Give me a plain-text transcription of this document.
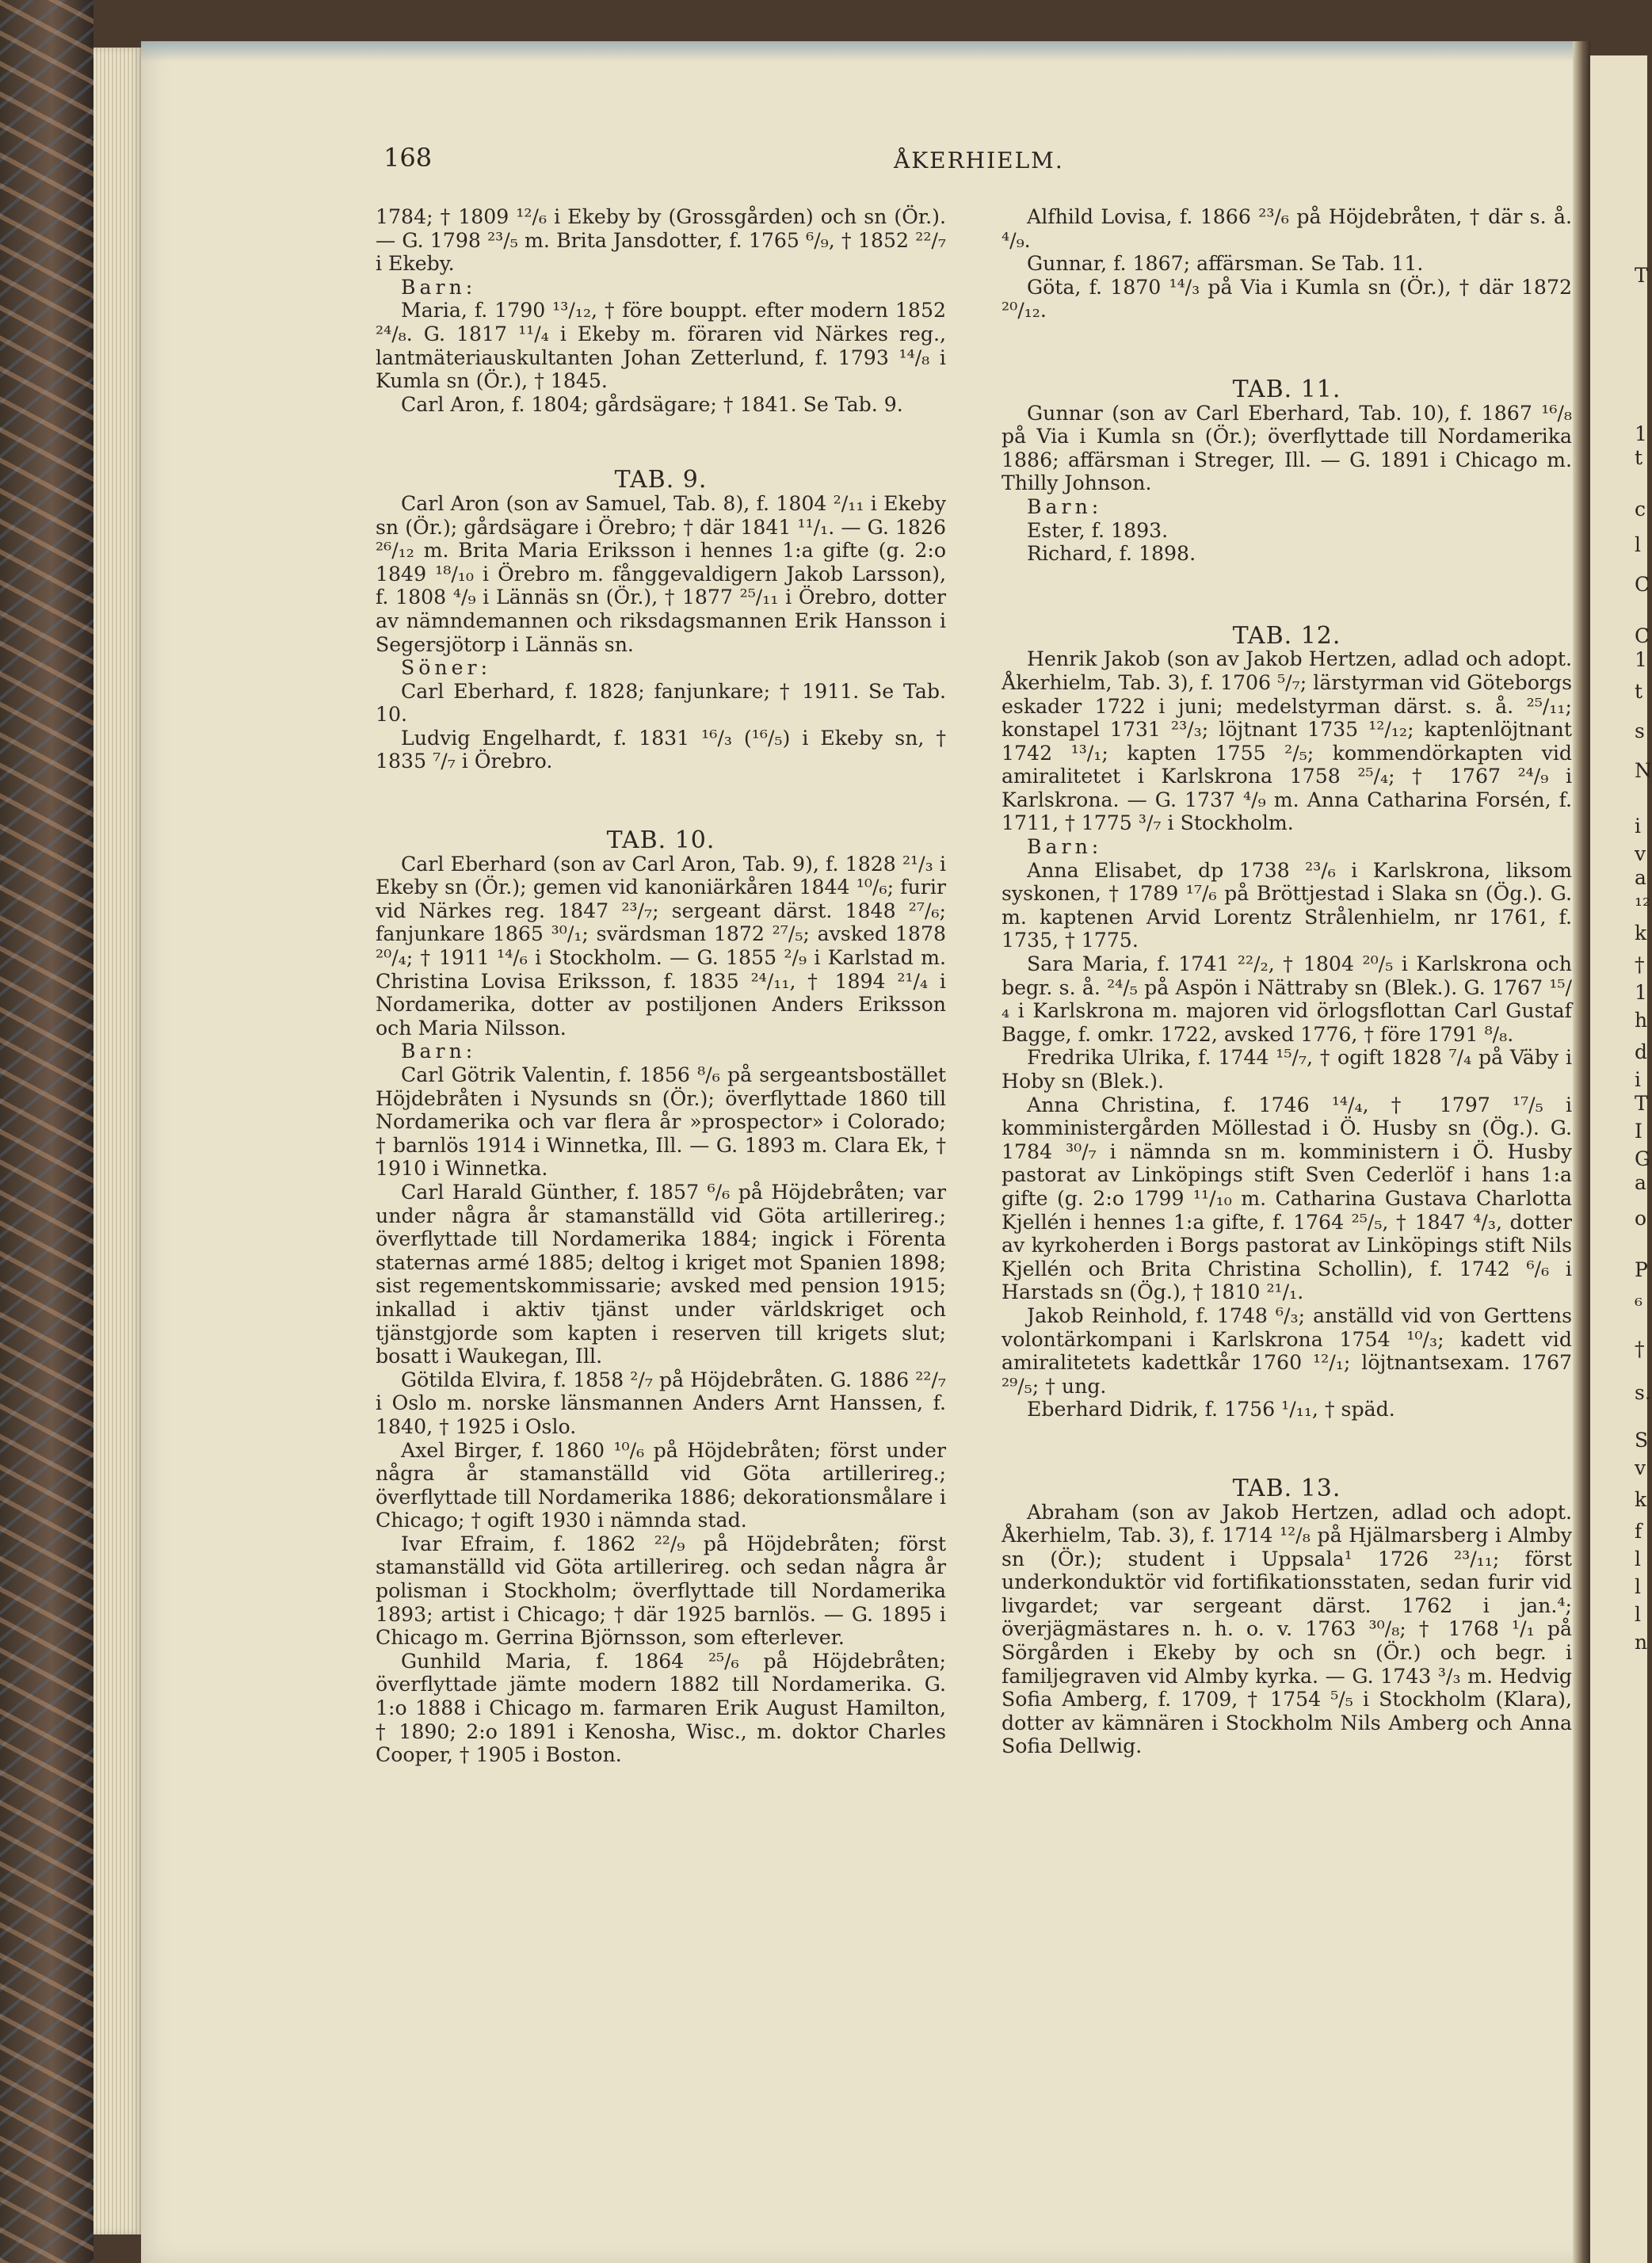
T
1
t
c
l
C
C
1
t
s
N
i
v
a
¹²
k
†
1
h
d
i
T
I
G
a
o
P
⁶
†
s.
S
v
k
f
l
l
l
n
168	ÅKERHIELM.
1784; † 1809 ¹²/₆ i Ekeby by (Grossgården) och sn (Ör.). — G. 1798 ²³/₅ m. Brita Jansdotter, f. 1765 ⁶/₉, † 1852 ²²/₇ i Ekeby.
Barn:
Maria, f. 1790 ¹³/₁₂, † före bouppt. efter modern 1852 ²⁴/₈. G. 1817 ¹¹/₄ i Ekeby m. föraren vid Närkes reg., lantmäteriauskultanten Johan Zetterlund, f. 1793 ¹⁴/₈ i Kumla sn (Ör.), † 1845.
Carl Aron, f. 1804; gårdsägare; † 1841. Se Tab. 9.
TAB. 9.
Carl Aron (son av Samuel, Tab. 8), f. 1804 ²/₁₁ i Ekeby sn (Ör.); gårdsägare i Örebro; † där 1841 ¹¹/₁. — G. 1826 ²⁶/₁₂ m. Brita Maria Eriksson i hennes 1:a gifte (g. 2:o 1849 ¹⁸/₁₀ i Örebro m. fånggevaldigern Jakob Larsson), f. 1808 ⁴/₉ i Lännäs sn (Ör.), † 1877 ²⁵/₁₁ i Örebro, dotter av nämndemannen och riksdagsmannen Erik Hansson i Segersjötorp i Lännäs sn.
Söner:
Carl Eberhard, f. 1828; fanjunkare; † 1911. Se Tab. 10.
Ludvig Engelhardt, f. 1831 ¹⁶/₃ (¹⁶/₅) i Ekeby sn, † 1835 ⁷/₇ i Örebro.
TAB. 10.
Carl Eberhard (son av Carl Aron, Tab. 9), f. 1828 ²¹/₃ i Ekeby sn (Ör.); gemen vid kanoniärkåren 1844 ¹⁰/₆; furir vid Närkes reg. 1847 ²³/₇; sergeant därst. 1848 ²⁷/₆; fanjunkare 1865 ³⁰/₁; svärdsman 1872 ²⁷/₅; avsked 1878 ²⁰/₄; † 1911 ¹⁴/₆ i Stockholm. — G. 1855 ²/₉ i Karlstad m. Christina Lovisa Eriksson, f. 1835 ²⁴/₁₁, † 1894 ²¹/₄ i Nordamerika, dotter av postiljonen Anders Eriksson och Maria Nilsson.
Barn:
Carl Götrik Valentin, f. 1856 ⁸/₆ på sergeantsbostället Höjdebråten i Nysunds sn (Ör.); överflyttade 1860 till Nordamerika och var flera år »prospector» i Colorado; † barnlös 1914 i Winnetka, Ill. — G. 1893 m. Clara Ek, † 1910 i Winnetka.
Carl Harald Günther, f. 1857 ⁶/₆ på Höjdebråten; var under några år stamanställd vid Göta artillerireg.; överflyttade till Nordamerika 1884; ingick i Förenta staternas armé 1885; deltog i kriget mot Spanien 1898; sist regementskommissarie; avsked med pension 1915; inkallad i aktiv tjänst under världskriget och tjänstgjorde som kapten i reserven till krigets slut; bosatt i Waukegan, Ill.
Götilda Elvira, f. 1858 ²/₇ på Höjdebråten. G. 1886 ²²/₇ i Oslo m. norske länsmannen Anders Arnt Hanssen, f. 1840, † 1925 i Oslo.
Axel Birger, f. 1860 ¹⁰/₆ på Höjdebråten; först under några år stamanställd vid Göta artillerireg.; överflyttade till Nordamerika 1886; dekorationsmålare i Chicago; † ogift 1930 i nämnda stad.
Ivar Efraim, f. 1862 ²²/₉ på Höjdebråten; först stamanställd vid Göta artillerireg. och sedan några år polisman i Stockholm; överflyttade till Nordamerika 1893; artist i Chicago; † där 1925 barnlös. — G. 1895 i Chicago m. Gerrina Björnsson, som efterlever.
Gunhild Maria, f. 1864 ²⁵/₆ på Höjdebråten; överflyttade jämte modern 1882 till Nordamerika. G. 1:o 1888 i Chicago m. farmaren Erik August Hamilton, † 1890; 2:o 1891 i Kenosha, Wisc., m. doktor Charles Cooper, † 1905 i Boston.
Alfhild Lovisa, f. 1866 ²³/₆ på Höjdebråten, † där s. å. ⁴/₉.
Gunnar, f. 1867; affärsman. Se Tab. 11.
Göta, f. 1870 ¹⁴/₃ på Via i Kumla sn (Ör.), † där 1872 ²⁰/₁₂.
TAB. 11.
Gunnar (son av Carl Eberhard, Tab. 10), f. 1867 ¹⁶/₈ på Via i Kumla sn (Ör.); överflyttade till Nordamerika 1886; affärsman i Streger, Ill. — G. 1891 i Chicago m. Thilly Johnson.
Barn:
Ester, f. 1893.
Richard, f. 1898.
TAB. 12.
Henrik Jakob (son av Jakob Hertzen, adlad och adopt. Åkerhielm, Tab. 3), f. 1706 ⁵/₇; lärstyrman vid Göteborgs eskader 1722 i juni; medelstyrman därst. s. å. ²⁵/₁₁; konstapel 1731 ²³/₃; löjtnant 1735 ¹²/₁₂; kaptenlöjtnant 1742 ¹³/₁; kapten 1755 ²/₅; kommendörkapten vid amiralitetet i Karlskrona 1758 ²⁵/₄; † 1767 ²⁴/₉ i Karlskrona. — G. 1737 ⁴/₉ m. Anna Catharina Forsén, f. 1711, † 1775 ³/₇ i Stockholm.
Barn:
Anna Elisabet, dp 1738 ²³/₆ i Karlskrona, liksom syskonen, † 1789 ¹⁷/₆ på Bröttjestad i Slaka sn (Ög.). G. m. kaptenen Arvid Lorentz Strålenhielm, nr 1761, f. 1735, † 1775.
Sara Maria, f. 1741 ²²/₂, † 1804 ²⁰/₅ i Karlskrona och begr. s. å. ²⁴/₅ på Aspön i Nättraby sn (Blek.). G. 1767 ¹⁵/₄ i Karlskrona m. majoren vid örlogsflottan Carl Gustaf Bagge, f. omkr. 1722, avsked 1776, † före 1791 ⁸/₈.
Fredrika Ulrika, f. 1744 ¹⁵/₇, † ogift 1828 ⁷/₄ på Väby i Hoby sn (Blek.).
Anna Christina, f. 1746 ¹⁴/₄, † 1797 ¹⁷/₅ i komministergården Möllestad i Ö. Husby sn (Ög.). G. 1784 ³⁰/₇ i nämnda sn m. komministern i Ö. Husby pastorat av Linköpings stift Sven Cederlöf i hans 1:a gifte (g. 2:o 1799 ¹¹/₁₀ m. Catharina Gustava Charlotta Kjellén i hennes 1:a gifte, f. 1764 ²⁵/₅, † 1847 ⁴/₃, dotter av kyrkoherden i Borgs pastorat av Linköpings stift Nils Kjellén och Brita Christina Schollin), f. 1742 ⁶/₆ i Harstads sn (Ög.), † 1810 ²¹/₁.
Jakob Reinhold, f. 1748 ⁶/₃; anställd vid von Gerttens volontärkompani i Karlskrona 1754 ¹⁰/₃; kadett vid amiralitetets kadettkår 1760 ¹²/₁; löjtnantsexam. 1767 ²⁹/₅; † ung.
Eberhard Didrik, f. 1756 ¹/₁₁, † späd.
TAB. 13.
Abraham (son av Jakob Hertzen, adlad och adopt. Åkerhielm, Tab. 3), f. 1714 ¹²/₈ på Hjälmarsberg i Almby sn (Ör.); student i Uppsala¹ 1726 ²³/₁₁; först underkonduktör vid fortifikationsstaten, sedan furir vid livgardet; var sergeant därst. 1762 i jan.⁴; överjägmästares n. h. o. v. 1763 ³⁰/₈; † 1768 ¹/₁ på Sörgården i Ekeby by och sn (Ör.) och begr. i familjegraven vid Almby kyrka. — G. 1743 ³/₃ m. Hedvig Sofia Amberg, f. 1709, † 1754 ⁵/₅ i Stockholm (Klara), dotter av kämnären i Stockholm Nils Amberg och Anna Sofia Dellwig.
